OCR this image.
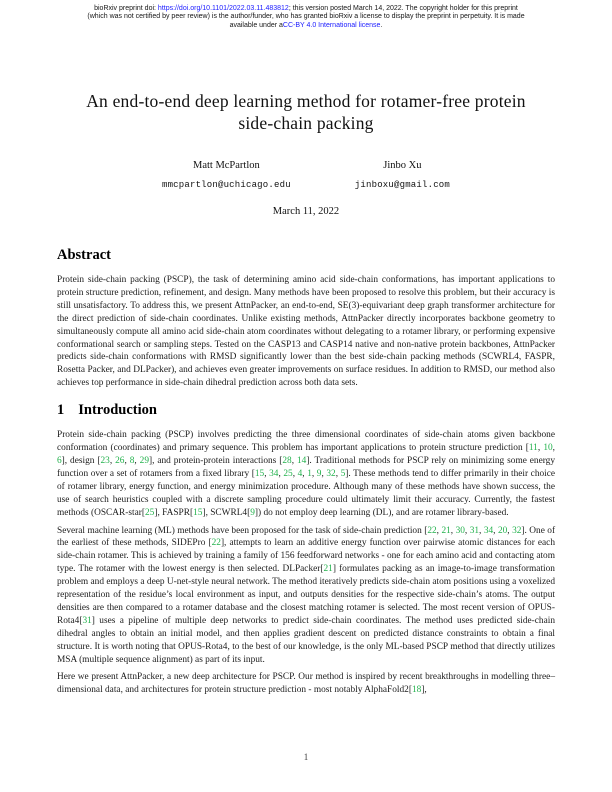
bioRxiv preprint doi: https://doi.org/10.1101/2022.03.11.483812; this version posted March 14, 2022. The copyright holder for this preprint
(which was not certified by peer review) is the author/funder, who has granted bioRxiv a license to display the preprint in perpetuity. It is made
available under aCC-BY 4.0 International license.
An end-to-end deep learning method for rotamer-free protein
side-chain packing
Matt McPartlon
mmcpartlon@uchicago.edu
Jinbo Xu
jinboxu@gmail.com
March 11, 2022
Abstract

Protein side-chain packing (PSCP), the task of determining amino acid side-chain conformations, has important applications to protein structure prediction, refinement, and design. Many methods have been proposed to resolve this problem, but their accuracy is still unsatisfactory. To address this, we present AttnPacker, an end-to-end, SE(3)-equivariant deep graph transformer architecture for the direct prediction of side-chain coordinates. Unlike existing methods, AttnPacker directly incorporates backbone geometry to simultaneously compute all amino acid side-chain atom coordinates without delegating to a rotamer library, or performing expensive conformational search or sampling steps. Tested on the CASP13 and CASP14 native and non-native protein backbones, AttnPacker predicts side-chain conformations with RMSD significantly lower than the best side-chain packing methods (SCWRL4, FASPR, Rosetta Packer, and DLPacker), and achieves even greater improvements on surface residues. In addition to RMSD, our method also achieves top performance in side-chain dihedral prediction across both data sets.

1 Introduction

Protein side-chain packing (PSCP) involves predicting the three dimensional coordinates of side-chain atoms given backbone conformation (coordinates) and primary sequence. This problem has important applications to protein structure prediction [11, 10, 6], design [23, 26, 8, 29], and protein-protein interactions [28, 14]. Traditional methods for PSCP rely on minimizing some energy function over a set of rotamers from a fixed library [15, 34, 25, 4, 1, 9, 32, 5]. These methods tend to differ primarily in their choice of rotamer library, energy function, and energy minimization procedure. Although many of these methods have shown success, the use of search heuristics coupled with a discrete sampling procedure could ultimately limit their accuracy. Currently, the fastest methods (OSCAR-star[25], FASPR[15], SCWRL4[9]) do not employ deep learning (DL), and are rotamer library-based.

Several machine learning (ML) methods have been proposed for the task of side-chain prediction [22, 21, 30, 31, 34, 20, 32]. One of the earliest of these methods, SIDEPro [22], attempts to learn an additive energy function over pairwise atomic distances for each side-chain rotamer. This is achieved by training a family of 156 feedforward networks - one for each amino acid and contacting atom type. The rotamer with the lowest energy is then selected. DLPacker[21] formulates packing as an image-to-image transformation problem and employs a deep U-net-style neural network. The method iteratively predicts side-chain atom positions using a voxelized representation of the residue’s local environment as input, and outputs densities for the respective side-chain’s atoms. The output densities are then compared to a rotamer database and the closest matching rotamer is selected. The most recent version of OPUS-Rota4[31] uses a pipeline of multiple deep networks to predict side-chain coordinates. The method uses predicted side-chain dihedral angles to obtain an initial model, and then applies gradient descent on predicted distance constraints to obtain a final structure. It is worth noting that OPUS-Rota4, to the best of our knowledge, is the only ML-based PSCP method that directly utilizes MSA (multiple sequence alignment) as part of its input.

Here we present AttnPacker, a new deep architecture for PSCP. Our method is inspired by recent breakthroughs in modelling three–dimensional data, and architectures for protein structure prediction - most notably AlphaFold2[18],

1
